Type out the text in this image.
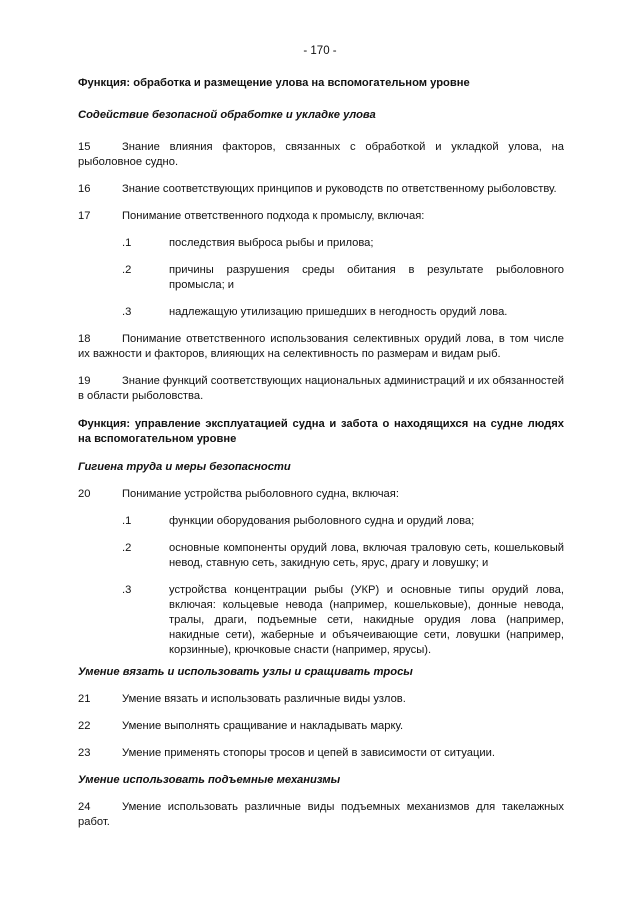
- 170 -
Функция: обработка и размещение улова на вспомогательном уровне
Содействие безопасной обработке и укладке улова
15	Знание влияния факторов, связанных с обработкой и укладкой улова, на рыболовное судно.
16	Знание соответствующих принципов и руководств по ответственному рыболовству.
17	Понимание ответственного подхода к промыслу, включая:
.1	последствия выброса рыбы и прилова;
.2	причины разрушения среды обитания в результате рыболовного промысла; и
.3	надлежащую утилизацию пришедших в негодность орудий лова.
18	Понимание ответственного использования селективных орудий лова, в том числе их важности и факторов, влияющих на селективность по размерам и видам рыб.
19	Знание функций соответствующих национальных администраций и их обязанностей в области рыболовства.
Функция: управление эксплуатацией судна и забота о находящихся на судне людях на вспомогательном уровне
Гигиена труда и меры безопасности
20	Понимание устройства рыболовного судна, включая:
.1	функции оборудования рыболовного судна и орудий лова;
.2	основные компоненты орудий лова, включая траловую сеть, кошельковый невод, ставную сеть, закидную сеть, ярус, драгу и ловушку; и
.3	устройства концентрации рыбы (УКР) и основные типы орудий лова, включая: кольцевые невода (например, кошельковые), донные невода, тралы, драги, подъемные сети, накидные орудия лова (например, накидные сети), жаберные и объячеивающие сети, ловушки (например, корзинные), крючковые снасти (например, ярусы).
Умение вязать и использовать узлы и сращивать тросы
21	Умение вязать и использовать различные виды узлов.
22	Умение выполнять сращивание и накладывать марку.
23	Умение применять стопоры тросов и цепей в зависимости от ситуации.
Умение использовать подъемные механизмы
24	Умение использовать различные виды подъемных механизмов для такелажных работ.
